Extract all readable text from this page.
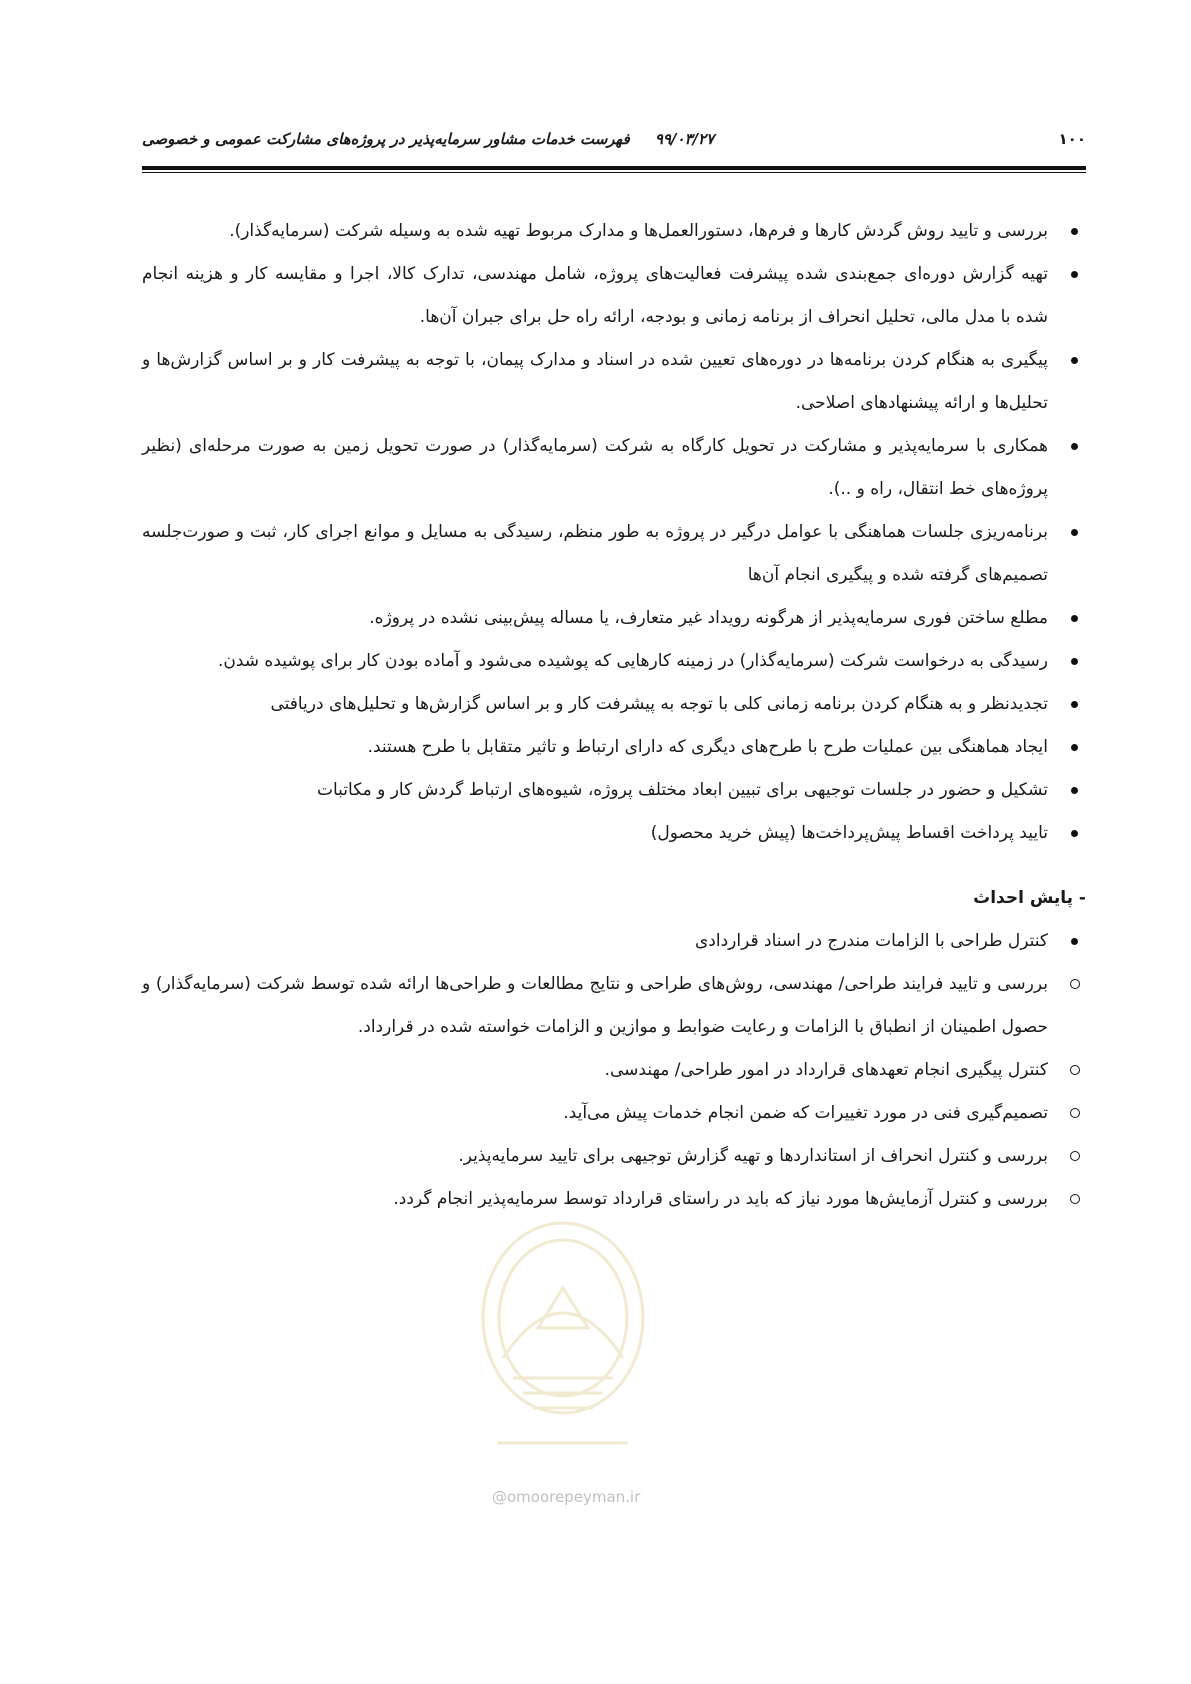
۱۰۰
۹۹/۰۳/۲۷ فهرست خدمات مشاور سرمایه‌پذیر در پروژه‌های مشارکت عمومی و خصوصی
بررسی و تایید روش گردش کارها و فرم‌ها، دستورالعمل‌ها و مدارک مربوط تهیه شده به وسیله شرکت (سرمایه‌گذار).
تهیه گزارش دوره‌ای جمع‌بندی شده پیشرفت فعالیت‌های پروژه، شامل مهندسی، تدارک کالا، اجرا و مقایسه کار و هزینه انجام شده با مدل مالی، تحلیل انحراف از برنامه زمانی و بودجه، ارائه راه حل برای جبران آن‌ها.
پیگیری به هنگام کردن برنامه‌ها در دوره‌های تعیین شده در اسناد و مدارک پیمان، با توجه به پیشرفت کار و بر اساس گزارش‌ها و تحلیل‌ها و ارائه پیشنهادهای اصلاحی.
همکاری با سرمایه‌پذیر و مشارکت در تحویل کارگاه به شرکت (سرمایه‌گذار) در صورت تحویل زمین به صورت مرحله‌ای (نظیر پروژه‌های خط انتقال، راه و ..).
برنامه‌ریزی جلسات هماهنگی با عوامل درگیر در پروژه به طور منظم، رسیدگی به مسایل و موانع اجرای کار، ثبت و صورت‌جلسه تصمیم‌های گرفته شده و پیگیری انجام آن‌ها
مطلع ساختن فوری سرمایه‌پذیر از هرگونه رویداد غیر متعارف، یا مساله پیش‌بینی نشده در پروژه.
رسیدگی به درخواست شرکت (سرمایه‌گذار) در زمینه کارهایی که پوشیده می‌شود و آماده بودن کار برای پوشیده شدن.
تجدیدنظر و به هنگام کردن برنامه زمانی کلی با توجه به پیشرفت کار و بر اساس گزارش‌ها و تحلیل‌های دریافتی
ایجاد هماهنگی بین عملیات طرح با طرح‌های دیگری که دارای ارتباط و تاثیر متقابل با طرح هستند.
تشکیل و حضور در جلسات توجیهی برای تبیین ابعاد مختلف پروژه، شیوه‌های ارتباط گردش کار و مکاتبات
تایید پرداخت اقساط پیش‌پرداخت‌ها (پیش خرید محصول)
- پایش احداث
کنترل طراحی با الزامات مندرج در اسناد قراردادی
بررسی و تایید فرایند طراحی/ مهندسی، روش‌های طراحی و نتایج مطالعات و طراحی‌ها ارائه شده توسط شرکت (سرمایه‌گذار) و حصول اطمینان از انطباق با الزامات و رعایت ضوابط و موازین و الزامات خواسته شده در قرارداد.
کنترل پیگیری انجام تعهدهای قرارداد در امور طراحی/ مهندسی.
تصمیم‌گیری فنی در مورد تغییرات که ضمن انجام خدمات پیش می‌آید.
بررسی و کنترل انحراف از استانداردها و تهیه گزارش توجیهی برای تایید سرمایه‌پذیر.
بررسی و کنترل آزمایش‌ها مورد نیاز که باید در راستای قرارداد توسط سرمایه‌پذیر انجام گردد.
@omoorepeyman.ir
